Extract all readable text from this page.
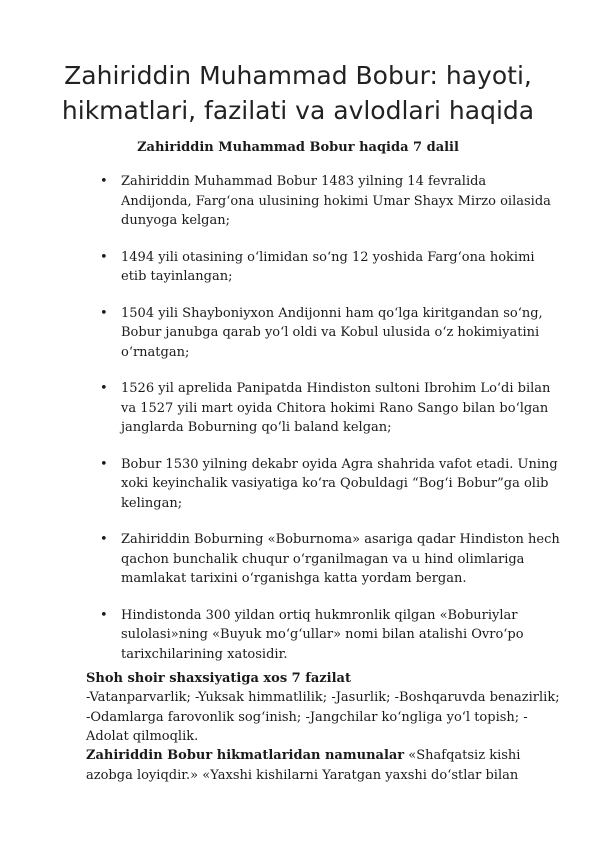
Zahiriddin Muhammad Bobur: hayoti, hikmatlari, fazilati va avlodlari haqida
Zahiriddin Muhammad Bobur haqida 7 dalil
• Zahiriddin Muhammad Bobur 1483 yilning 14 fevralida Andijonda, Farg‘ona ulusining hokimi Umar Shayx Mirzo oilasida dunyoga kelgan;
• 1494 yili otasining o‘limidan so‘ng 12 yoshida Farg‘ona hokimi etib tayinlangan;
• 1504 yili Shayboniyxon Andijonni ham qo‘lga kiritgandan so‘ng, Bobur janubga qarab yo‘l oldi va Kobul ulusida o‘z hokimiyatini o‘rnatgan;
• 1526 yil aprelida Panipatda Hindiston sultoni Ibrohim Lo‘di bilan va 1527 yili mart oyida Chitora hokimi Rano Sango bilan bo‘lgan janglarda Boburning qo‘li baland kelgan;
• Bobur 1530 yilning dekabr oyida Agra shahrida vafot etadi. Uning xoki keyinchalik vasiyatiga ko‘ra Qobuldagi “Bog‘i Bobur”ga olib kelingan;
• Zahiriddin Boburning «Boburnoma» asariga qadar Hindiston hech qachon bunchalik chuqur o‘rganilmagan va u hind olimlariga mamlakat tarixini o‘rganishga katta yordam bergan.
• Hindistonda 300 yildan ortiq hukmronlik qilgan «Boburiylar sulolasi»ning «Buyuk mo‘g‘ullar» nomi bilan atalishi Ovro‘po tarixchilarining xatosidir.

Shoh shoir shaxsiyatiga xos 7 fazilat

-Vatanparvarlik; -Yuksak himmatlilik; -Jasurlik; -Boshqaruvda benazirlik; -Odamlarga farovonlik sog‘inish; -Jangchilar ko‘ngliga yo‘l topish; -Adolat qilmoqlik.

Zahiriddin Bobur hikmatlaridan namunalar «Shafqatsiz kishi azobga loyiqdir.» «Yaxshi kishilarni Yaratgan yaxshi do‘stlar bilan
